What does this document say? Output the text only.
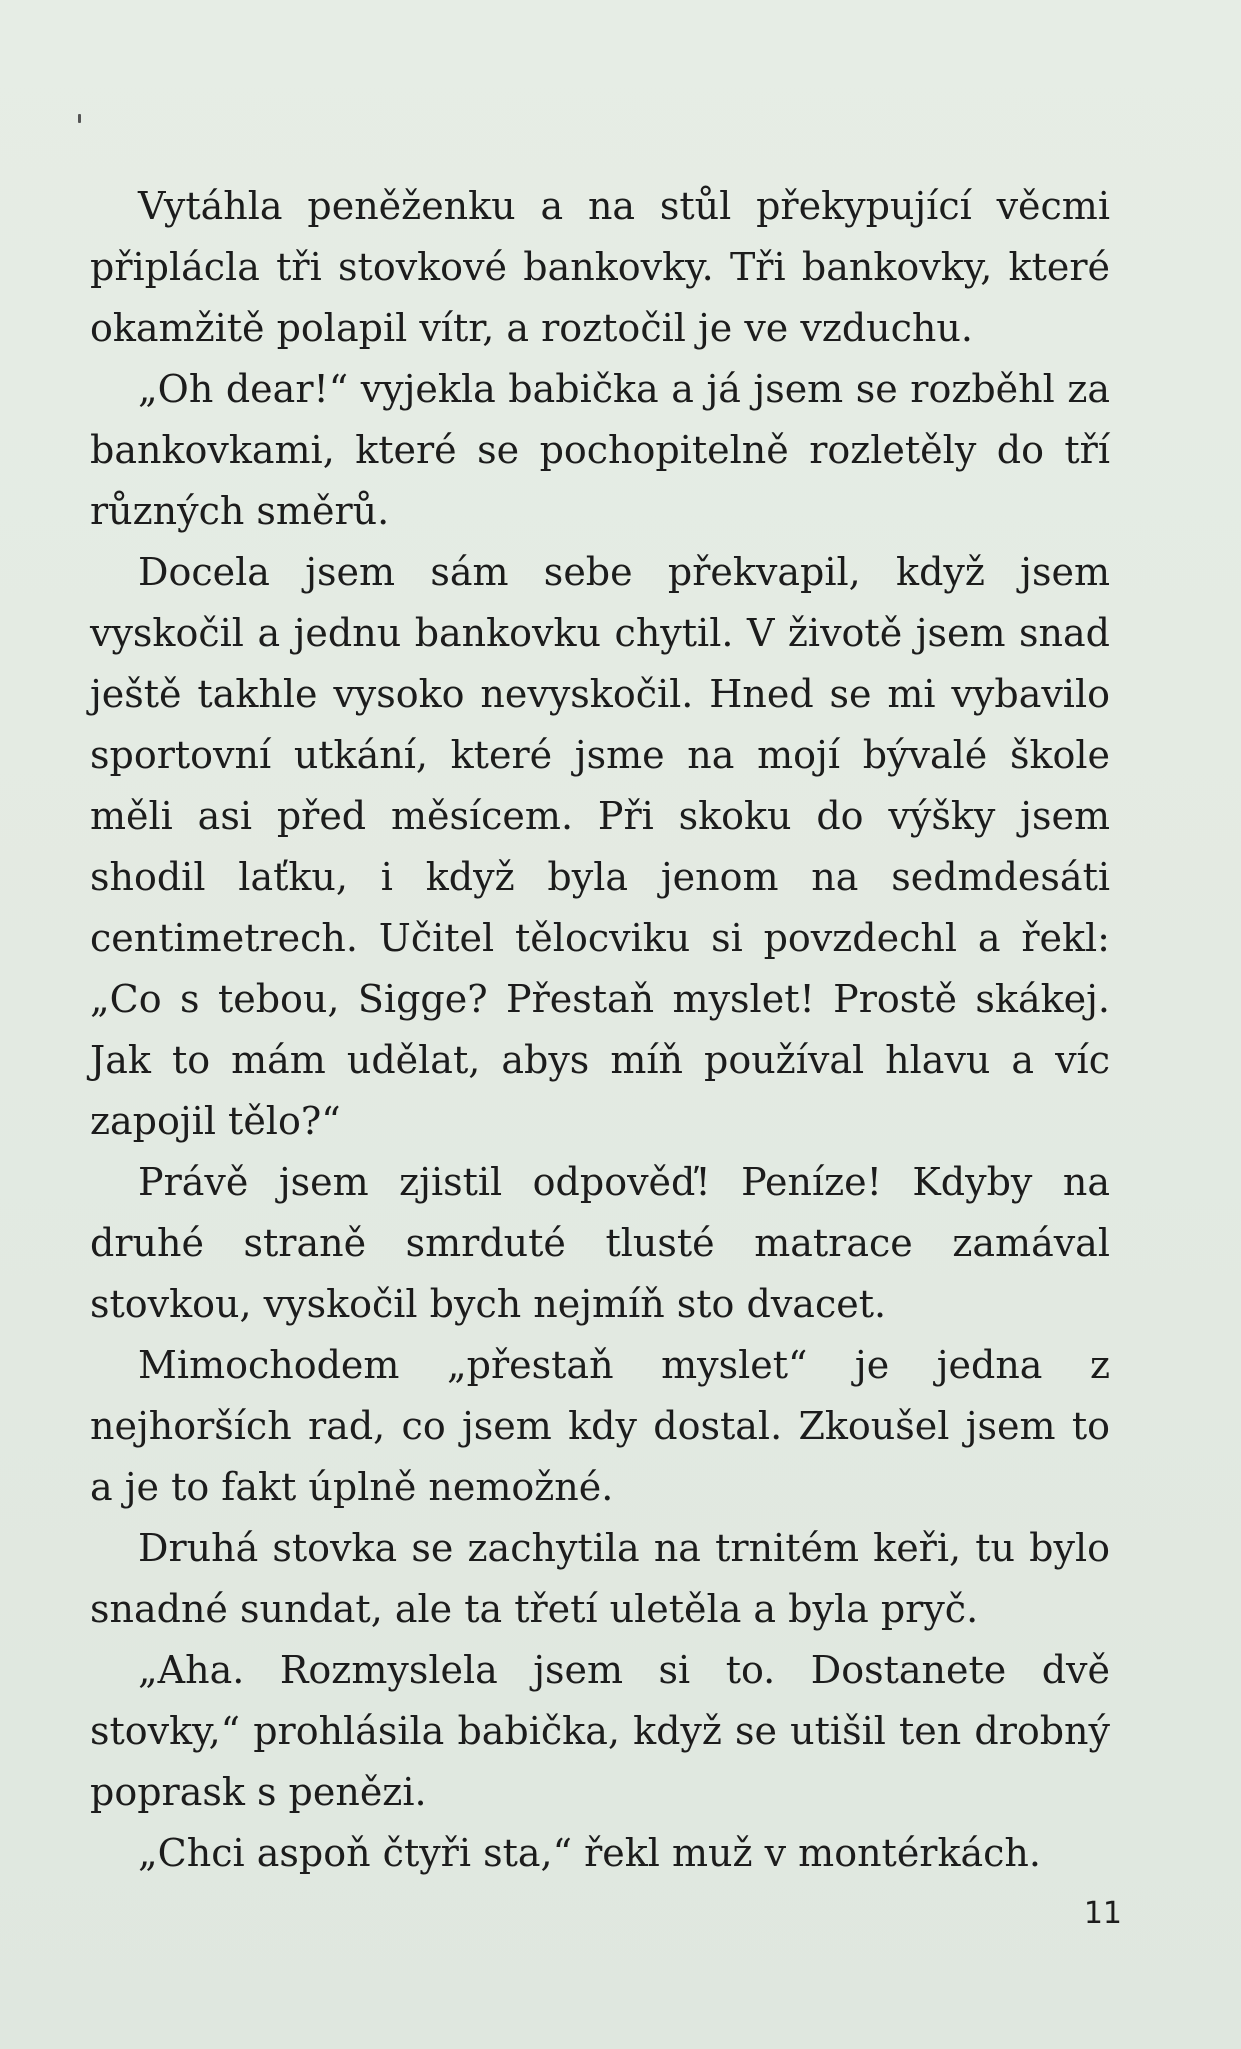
Vytáhla peněženku a na stůl překypující věcmi připlácla tři stovkové bankovky. Tři bankovky, které okamžitě polapil vítr, a roztočil je ve vzduchu.

„Oh dear!“ vyjekla babička a já jsem se rozběhl za bankovkami, které se pochopitelně rozletěly do tří různých směrů.

Docela jsem sám sebe překvapil, když jsem vyskočil a jednu bankovku chytil. V životě jsem snad ještě takhle vysoko nevyskočil. Hned se mi vybavilo sportovní utkání, které jsme na mojí bývalé škole měli asi před měsícem. Při skoku do výšky jsem shodil laťku, i když byla jenom na sedmdesáti centimetrech. Učitel tělocviku si povzdechl a řekl: „Co s tebou, Sigge? Přestaň myslet! Prostě skákej. Jak to mám udělat, abys míň používal hlavu a víc zapojil tělo?“

Právě jsem zjistil odpověď! Peníze! Kdyby na druhé straně smrduté tlusté matrace zamával stovkou, vyskočil bych nejmíň sto dvacet.

Mimochodem „přestaň myslet“ je jedna z nejhorších rad, co jsem kdy dostal. Zkoušel jsem to a je to fakt úplně nemožné.

Druhá stovka se zachytila na trnitém keři, tu bylo snadné sundat, ale ta třetí uletěla a byla pryč.

„Aha. Rozmyslela jsem si to. Dostanete dvě stovky,“ prohlásila babička, když se utišil ten drobný poprask s penězi.

„Chci aspoň čtyři sta,“ řekl muž v montérkách.

11
